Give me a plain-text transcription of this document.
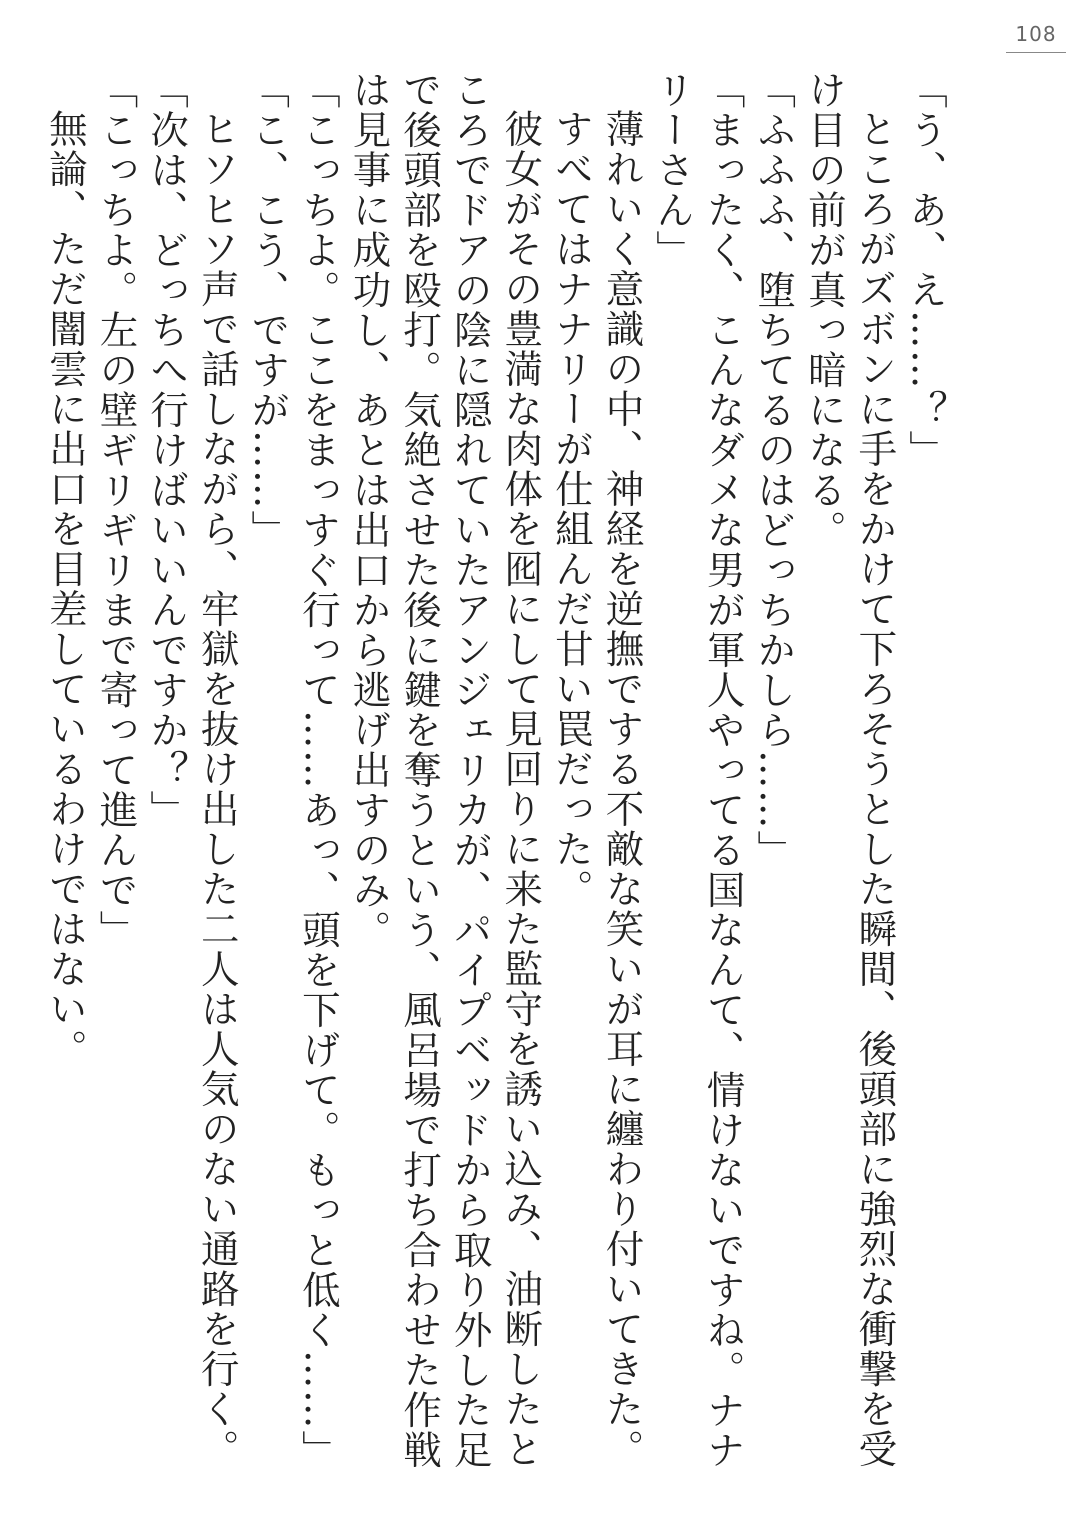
108

「う、あ、え……？」

ところがズボンに手をかけて下ろそうとした瞬間、後頭部に強烈な衝撃を受け目の前が真っ暗になる。

「ふふふ、堕ちてるのはどっちかしら……」

「まったく、こんなダメな男が軍人やってる国なんて、情けないですね。ナナリーさん」

薄れいく意識の中、神経を逆撫でする不敵な笑いが耳に纏わり付いてきた。

すべてはナナリーが仕組んだ甘い罠だった。

彼女がその豊満な肉体を囮にして見回りに来た監守を誘い込み、油断したところでドアの陰に隠れていたアンジェリカが、パイプベッドから取り外した足で後頭部を殴打。気絶させた後に鍵を奪うという、風呂場で打ち合わせた作戦は見事に成功し、あとは出口から逃げ出すのみ。

「こっちよ。ここをまっすぐ行って……あっ、頭を下げて。もっと低く……」

「こ、こう、ですが……」

ヒソヒソ声で話しながら、牢獄を抜け出した二人は人気のない通路を行く。

「次は、どっちへ行けばいいんですか？」

「こっちよ。左の壁ギリギリまで寄って進んで」

無論、ただ闇雲に出口を目差しているわけではない。
